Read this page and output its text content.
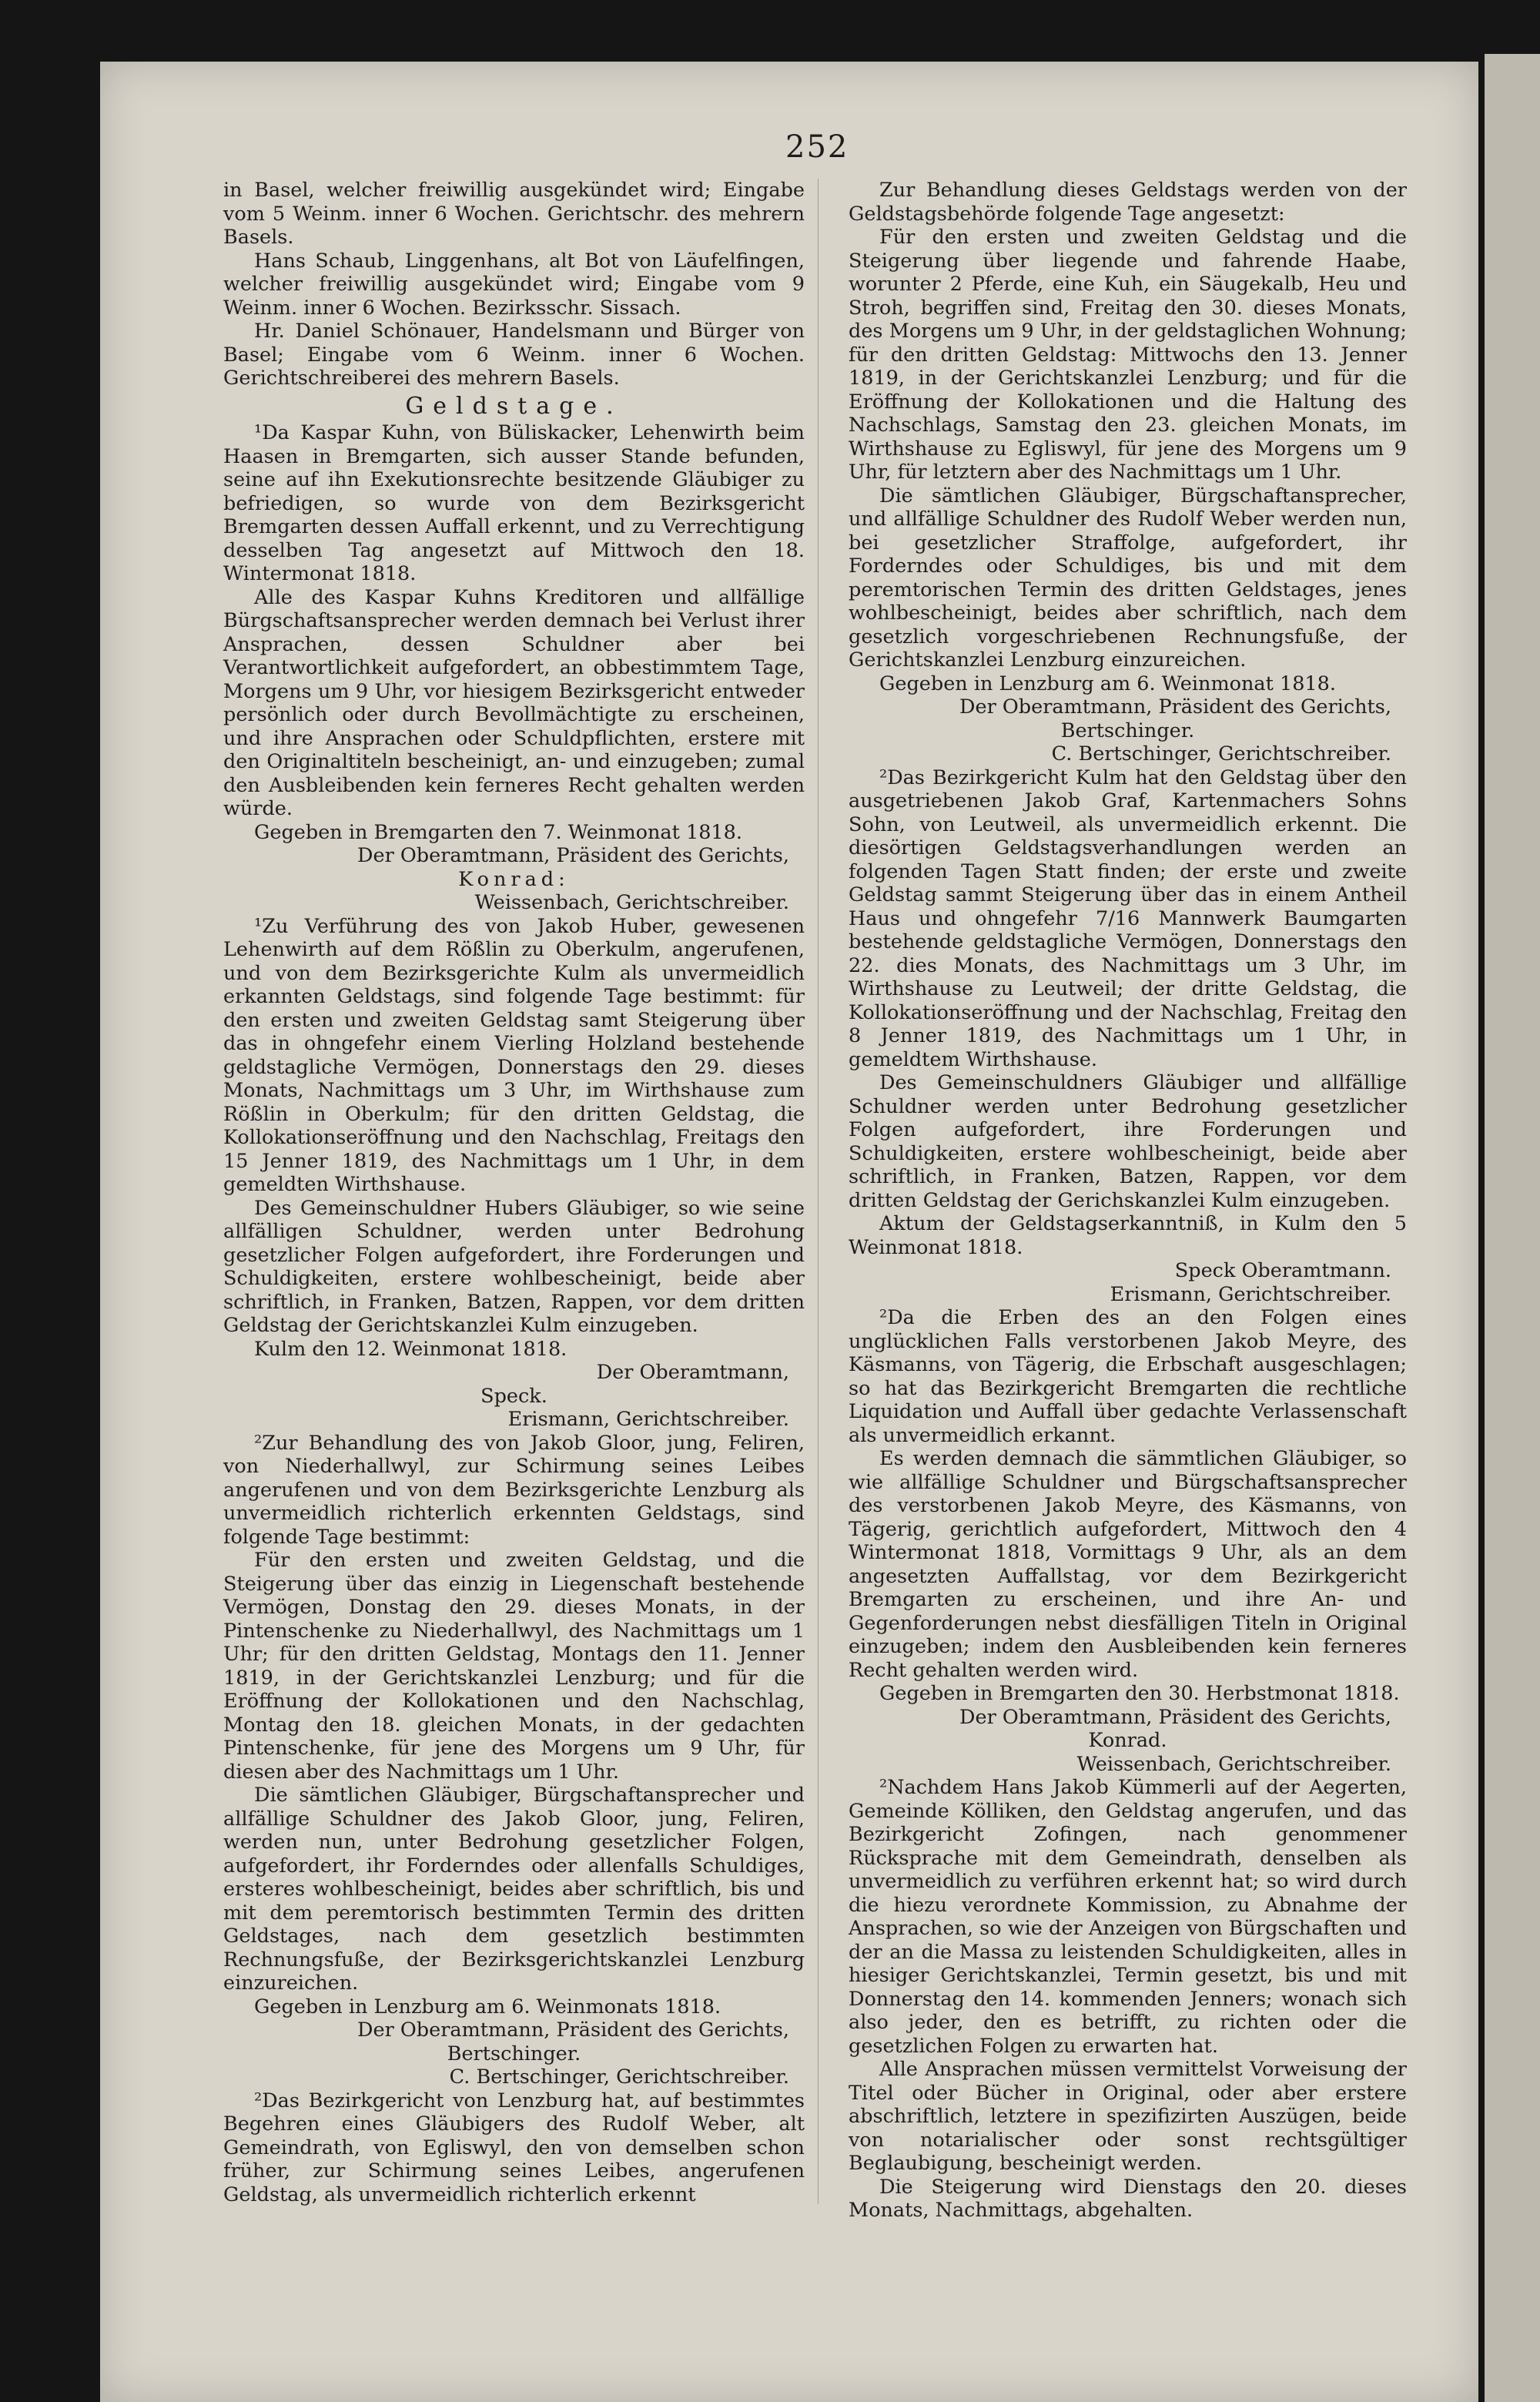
252

in Basel, welcher freiwillig ausgekündet wird; Eingabe vom 5 Weinm. inner 6 Wochen. Gerichtschr. des mehrern Basels.

Hans Schaub, Linggenhans, alt Bot von Läufelfingen, welcher freiwillig ausgekündet wird; Eingabe vom 9 Weinm. inner 6 Wochen. Bezirksschr. Sissach.

Hr. Daniel Schönauer, Handelsmann und Bürger von Basel; Eingabe vom 6 Weinm. inner 6 Wochen. Gerichtschreiberei des mehrern Basels.

Geldstage.

¹Da Kaspar Kuhn, von Büliskacker, Lehenwirth beim Haasen in Bremgarten, sich ausser Stande befunden, seine auf ihn Exekutionsrechte besitzende Gläubiger zu befriedigen, so wurde von dem Bezirksgericht Bremgarten dessen Auffall erkennt, und zu Verrechtigung desselben Tag angesetzt auf Mittwoch den 18. Wintermonat 1818.

Alle des Kaspar Kuhns Kreditoren und allfällige Bürgschaftsansprecher werden demnach bei Verlust ihrer Ansprachen, dessen Schuldner aber bei Verantwortlichkeit aufgefordert, an obbestimmtem Tage, Morgens um 9 Uhr, vor hiesigem Bezirksgericht entweder persönlich oder durch Bevollmächtigte zu erscheinen, und ihre Ansprachen oder Schuldpflichten, erstere mit den Originaltiteln bescheinigt, an- und einzugeben; zumal den Ausbleibenden kein ferneres Recht gehalten werden würde.

Gegeben in Bremgarten den 7. Weinmonat 1818.

Der Oberamtmann, Präsident des Gerichts,

Konrad:

Weissenbach, Gerichtschreiber.

¹Zu Verführung des von Jakob Huber, gewesenen Lehenwirth auf dem Rößlin zu Oberkulm, angerufenen, und von dem Bezirksgerichte Kulm als unvermeidlich erkannten Geldstags, sind folgende Tage bestimmt: für den ersten und zweiten Geldstag samt Steigerung über das in ohngefehr einem Vierling Holzland bestehende geldstagliche Vermögen, Donnerstags den 29. dieses Monats, Nachmittags um 3 Uhr, im Wirthshause zum Rößlin in Oberkulm; für den dritten Geldstag, die Kollokationseröffnung und den Nachschlag, Freitags den 15 Jenner 1819, des Nachmittags um 1 Uhr, in dem gemeldten Wirthshause.

Des Gemeinschuldner Hubers Gläubiger, so wie seine allfälligen Schuldner, werden unter Bedrohung gesetzlicher Folgen aufgefordert, ihre Forderungen und Schuldigkeiten, erstere wohlbescheinigt, beide aber schriftlich, in Franken, Batzen, Rappen, vor dem dritten Geldstag der Gerichtskanzlei Kulm einzugeben.

Kulm den 12. Weinmonat 1818.

Der Oberamtmann,

Speck.

Erismann, Gerichtschreiber.

²Zur Behandlung des von Jakob Gloor, jung, Feliren, von Niederhallwyl, zur Schirmung seines Leibes angerufenen und von dem Bezirksgerichte Lenzburg als unvermeidlich richterlich erkennten Geldstags, sind folgende Tage bestimmt:

Für den ersten und zweiten Geldstag, und die Steigerung über das einzig in Liegenschaft bestehende Vermögen, Donstag den 29. dieses Monats, in der Pintenschenke zu Niederhallwyl, des Nachmittags um 1 Uhr; für den dritten Geldstag, Montags den 11. Jenner 1819, in der Gerichtskanzlei Lenzburg; und für die Eröffnung der Kollokationen und den Nachschlag, Montag den 18. gleichen Monats, in der gedachten Pintenschenke, für jene des Morgens um 9 Uhr, für diesen aber des Nachmittags um 1 Uhr.

Die sämtlichen Gläubiger, Bürgschaftansprecher und allfällige Schuldner des Jakob Gloor, jung, Feliren, werden nun, unter Bedrohung gesetzlicher Folgen, aufgefordert, ihr Forderndes oder allenfalls Schuldiges, ersteres wohlbescheinigt, beides aber schriftlich, bis und mit dem peremtorisch bestimmten Termin des dritten Geldstages, nach dem gesetzlich bestimmten Rechnungsfuße, der Bezirksgerichtskanzlei Lenzburg einzureichen.

Gegeben in Lenzburg am 6. Weinmonats 1818.

Der Oberamtmann, Präsident des Gerichts,

Bertschinger.

C. Bertschinger, Gerichtschreiber.

²Das Bezirkgericht von Lenzburg hat, auf bestimmtes Begehren eines Gläubigers des Rudolf Weber, alt Gemeindrath, von Egliswyl, den von demselben schon früher, zur Schirmung seines Leibes, angerufenen Geldstag, als unvermeidlich richterlich erkennt

Zur Behandlung dieses Geldstags werden von der Geldstagsbehörde folgende Tage angesetzt:

Für den ersten und zweiten Geldstag und die Steigerung über liegende und fahrende Haabe, worunter 2 Pferde, eine Kuh, ein Säugekalb, Heu und Stroh, begriffen sind, Freitag den 30. dieses Monats, des Morgens um 9 Uhr, in der geldstaglichen Wohnung; für den dritten Geldstag: Mittwochs den 13. Jenner 1819, in der Gerichtskanzlei Lenzburg; und für die Eröffnung der Kollokationen und die Haltung des Nachschlags, Samstag den 23. gleichen Monats, im Wirthshause zu Egliswyl, für jene des Morgens um 9 Uhr, für letztern aber des Nachmittags um 1 Uhr.

Die sämtlichen Gläubiger, Bürgschaftansprecher, und allfällige Schuldner des Rudolf Weber werden nun, bei gesetzlicher Straffolge, aufgefordert, ihr Forderndes oder Schuldiges, bis und mit dem peremtorischen Termin des dritten Geldstages, jenes wohlbescheinigt, beides aber schriftlich, nach dem gesetzlich vorgeschriebenen Rechnungsfuße, der Gerichtskanzlei Lenzburg einzureichen.

Gegeben in Lenzburg am 6. Weinmonat 1818.

Der Oberamtmann, Präsident des Gerichts,

Bertschinger.

C. Bertschinger, Gerichtschreiber.

²Das Bezirkgericht Kulm hat den Geldstag über den ausgetriebenen Jakob Graf, Kartenmachers Sohns Sohn, von Leutweil, als unvermeidlich erkennt. Die diesörtigen Geldstagsverhandlungen werden an folgenden Tagen Statt finden; der erste und zweite Geldstag sammt Steigerung über das in einem Antheil Haus und ohngefehr 7/16 Mannwerk Baumgarten bestehende geldstagliche Vermögen, Donnerstags den 22. dies Monats, des Nachmittags um 3 Uhr, im Wirthshause zu Leutweil; der dritte Geldstag, die Kollokationseröffnung und der Nachschlag, Freitag den 8 Jenner 1819, des Nachmittags um 1 Uhr, in gemeldtem Wirthshause.

Des Gemeinschuldners Gläubiger und allfällige Schuldner werden unter Bedrohung gesetzlicher Folgen aufgefordert, ihre Forderungen und Schuldigkeiten, erstere wohlbescheinigt, beide aber schriftlich, in Franken, Batzen, Rappen, vor dem dritten Geldstag der Gerichskanzlei Kulm einzugeben.

Aktum der Geldstagserkanntniß, in Kulm den 5 Weinmonat 1818.

Speck Oberamtmann.

Erismann, Gerichtschreiber.

²Da die Erben des an den Folgen eines unglücklichen Falls verstorbenen Jakob Meyre, des Käsmanns, von Tägerig, die Erbschaft ausgeschlagen; so hat das Bezirkgericht Bremgarten die rechtliche Liquidation und Auffall über gedachte Verlassenschaft als unvermeidlich erkannt.

Es werden demnach die sämmtlichen Gläubiger, so wie allfällige Schuldner und Bürgschaftsansprecher des verstorbenen Jakob Meyre, des Käsmanns, von Tägerig, gerichtlich aufgefordert, Mittwoch den 4 Wintermonat 1818, Vormittags 9 Uhr, als an dem angesetzten Auffallstag, vor dem Bezirkgericht Bremgarten zu erscheinen, und ihre An- und Gegenforderungen nebst diesfälligen Titeln in Original einzugeben; indem den Ausbleibenden kein ferneres Recht gehalten werden wird.

Gegeben in Bremgarten den 30. Herbstmonat 1818.

Der Oberamtmann, Präsident des Gerichts,

Konrad.

Weissenbach, Gerichtschreiber.

²Nachdem Hans Jakob Kümmerli auf der Aegerten, Gemeinde Kölliken, den Geldstag angerufen, und das Bezirkgericht Zofingen, nach genommener Rücksprache mit dem Gemeindrath, denselben als unvermeidlich zu verführen erkennt hat; so wird durch die hiezu verordnete Kommission, zu Abnahme der Ansprachen, so wie der Anzeigen von Bürgschaften und der an die Massa zu leistenden Schuldigkeiten, alles in hiesiger Gerichtskanzlei, Termin gesetzt, bis und mit Donnerstag den 14. kommenden Jenners; wonach sich also jeder, den es betrifft, zu richten oder die gesetzlichen Folgen zu erwarten hat.

Alle Ansprachen müssen vermittelst Vorweisung der Titel oder Bücher in Original, oder aber erstere abschriftlich, letztere in spezifizirten Auszügen, beide von notarialischer oder sonst rechtsgültiger Beglaubigung, bescheinigt werden.

Die Steigerung wird Dienstags den 20. dieses Monats, Nachmittags, abgehalten.
